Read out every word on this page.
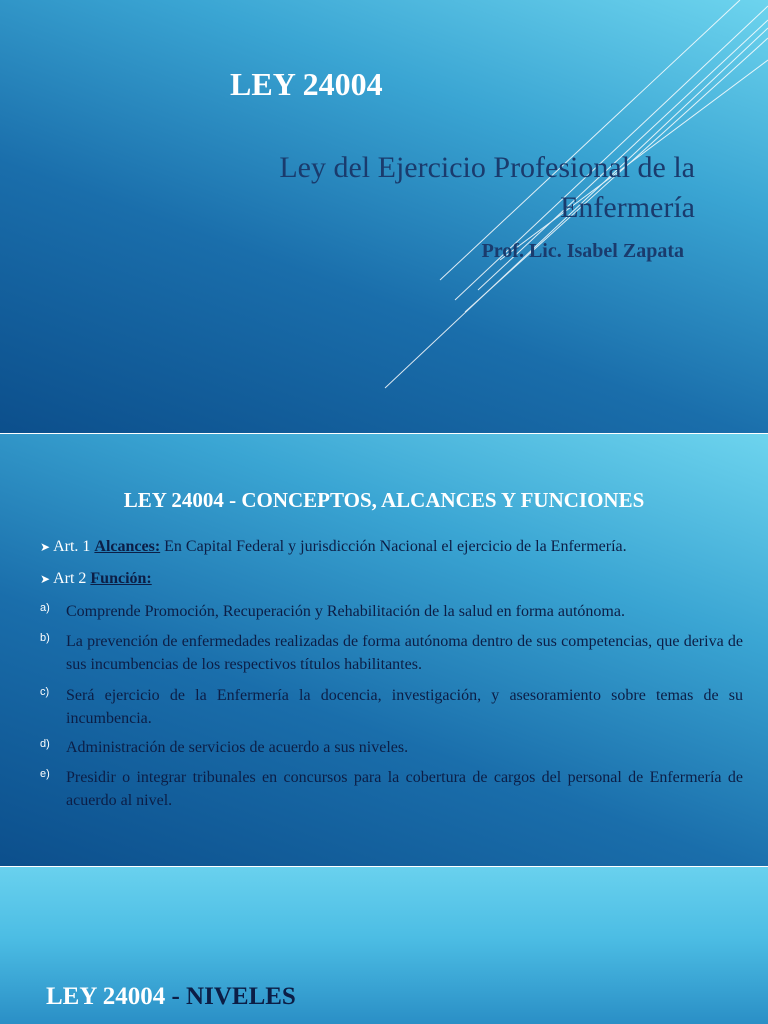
LEY 24004
Ley del Ejercicio Profesional de la
Enfermería
Prof. Lic. Isabel Zapata
LEY 24004 - CONCEPTOS, ALCANCES Y FUNCIONES
➤ Art. 1 Alcances: En Capital Federal y jurisdicción Nacional el ejercicio de la Enfermería.
➤ Art 2 Función:
a) Comprende Promoción, Recuperación y Rehabilitación de la salud en forma autónoma.
b) La prevención de enfermedades realizadas de forma autónoma dentro de sus competencias, que deriva de sus incumbencias de los respectivos títulos habilitantes.
c) Será ejercicio de la Enfermería la docencia, investigación, y asesoramiento sobre temas de su incumbencia.
d) Administración de servicios de acuerdo a sus niveles.
e) Presidir o integrar tribunales en concursos para la cobertura de cargos del personal de Enfermería de acuerdo al nivel.
LEY 24004 - NIVELES
